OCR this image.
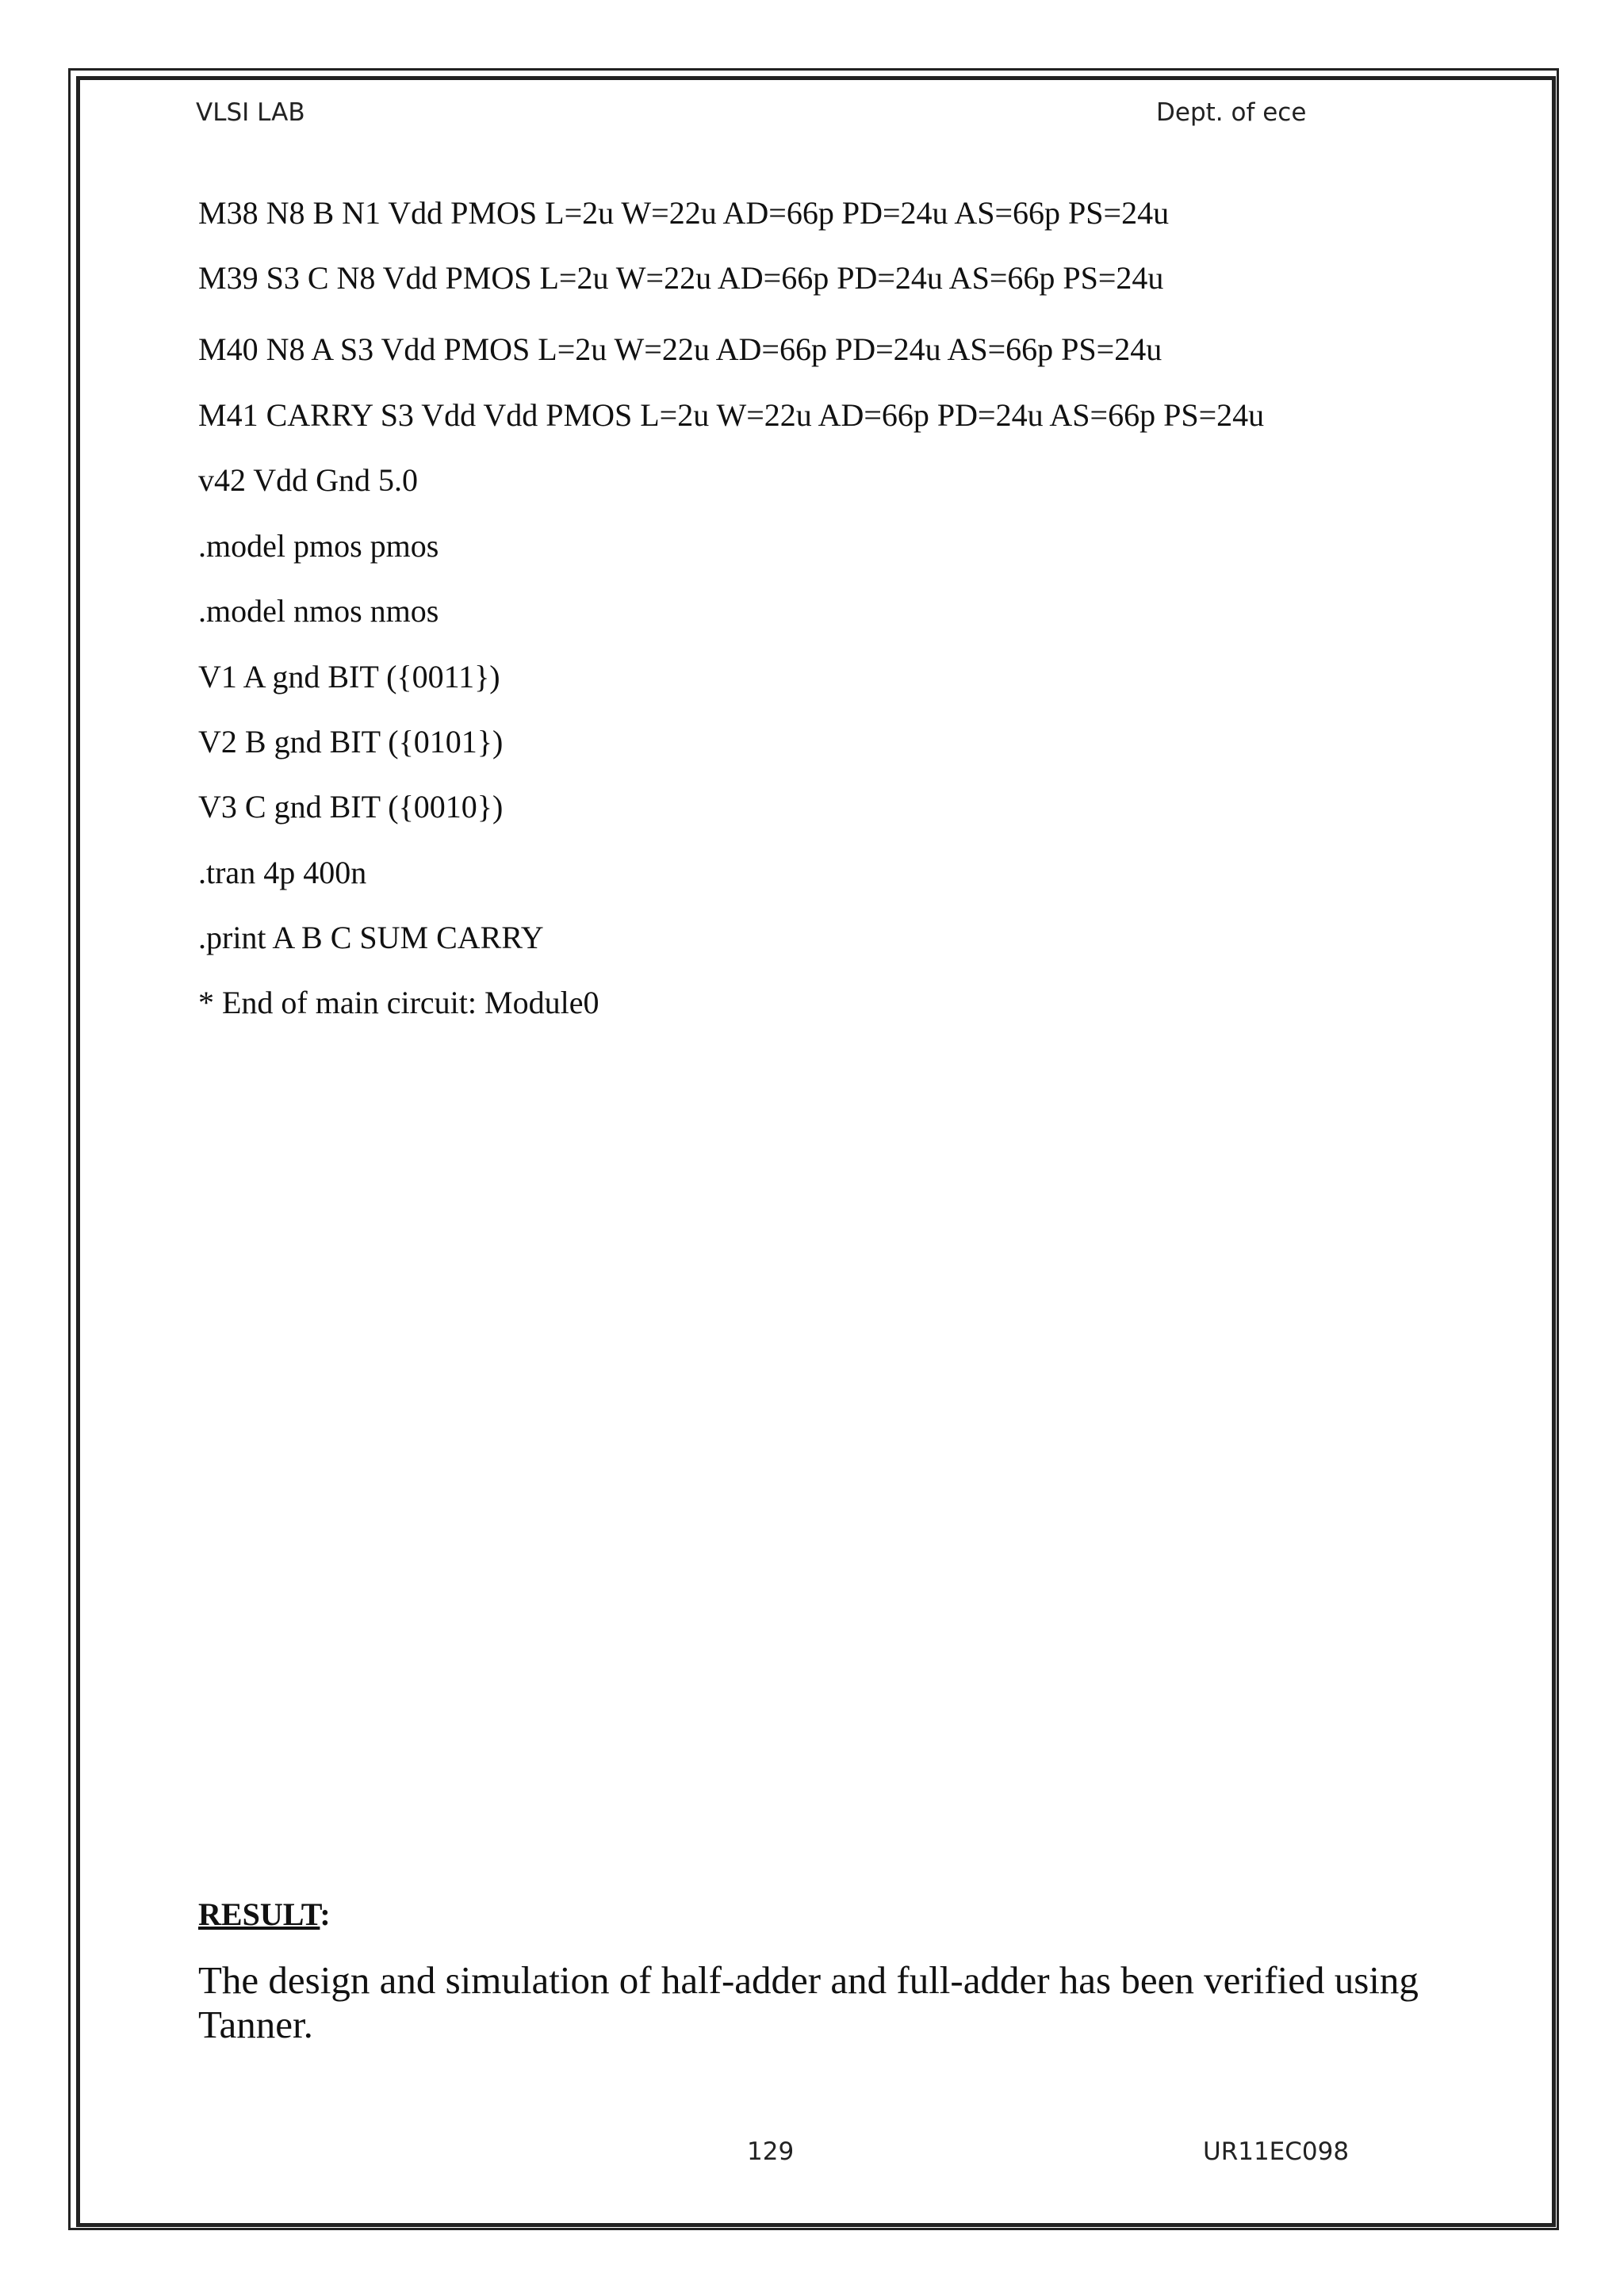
VLSI LAB	Dept. of ece
M38 N8 B N1 Vdd PMOS L=2u W=22u AD=66p PD=24u AS=66p PS=24u
M39 S3 C N8 Vdd PMOS L=2u W=22u AD=66p PD=24u AS=66p PS=24u
M40 N8 A S3 Vdd PMOS L=2u W=22u AD=66p PD=24u AS=66p PS=24u
M41 CARRY S3 Vdd Vdd PMOS L=2u W=22u AD=66p PD=24u AS=66p PS=24u
v42 Vdd Gnd 5.0
.model pmos pmos
.model nmos nmos
V1 A gnd BIT ({0011})
V2 B gnd BIT ({0101})
V3 C gnd BIT ({0010})
.tran 4p 400n
.print A B C SUM CARRY
* End of main circuit: Module0
RESULT:
The design and simulation of half-adder and full-adder has been verified using Tanner.
129	UR11EC098
